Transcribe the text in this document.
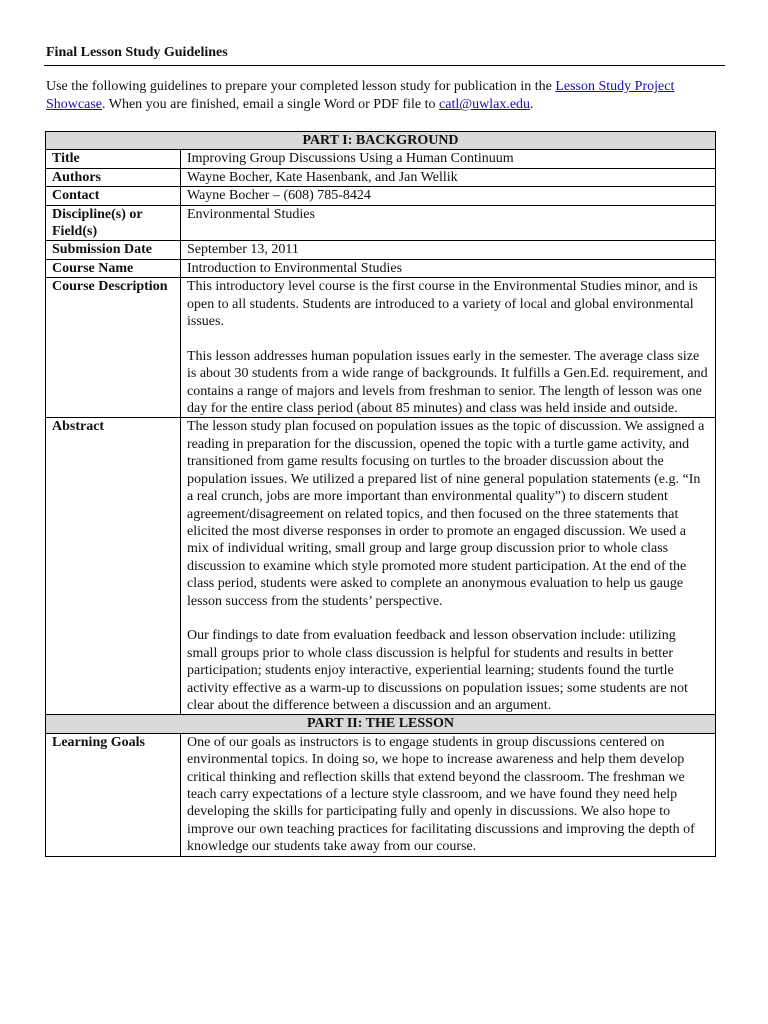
Final Lesson Study Guidelines
Use the following guidelines to prepare your completed lesson study for publication in the Lesson Study Project Showcase. When you are finished, email a single Word or PDF file to catl@uwlax.edu.
PART I: BACKGROUND	
Title	Improving Group Discussions Using a Human Continuum
Authors	Wayne Bocher, Kate Hasenbank, and Jan Wellik
Contact	Wayne Bocher – (608) 785-8424
Discipline(s) or Field(s)	Environmental Studies
Submission Date	September 13, 2011
Course Name	Introduction to Environmental Studies
Course Description	This introductory level course is the first course in the Environmental Studies minor, and is open to all students. Students are introduced to a variety of local and global environmental issues.

This lesson addresses human population issues early in the semester. The average class size is about 30 students from a wide range of backgrounds. It fulfills a Gen.Ed. requirement, and contains a range of majors and levels from freshman to senior. The length of lesson was one day for the entire class period (about 85 minutes) and class was held inside and outside.

Abstract	The lesson study plan focused on population issues as the topic of discussion. We assigned a reading in preparation for the discussion, opened the topic with a turtle game activity, and transitioned from game results focusing on turtles to the broader discussion about the population issues. We utilized a prepared list of nine general population statements (e.g. “In a real crunch, jobs are more important than environmental quality”) to discern student agreement/disagreement on related topics, and then focused on the three statements that elicited the most diverse responses in order to promote an engaged discussion. We used a mix of individual writing, small group and large group discussion prior to whole class discussion to examine which style promoted more student participation. At the end of the class period, students were asked to complete an anonymous evaluation to help us gauge lesson success from the students’ perspective.

Our findings to date from evaluation feedback and lesson observation include: utilizing small groups prior to whole class discussion is helpful for students and results in better participation; students enjoy interactive, experiential learning; students found the turtle activity effective as a warm-up to discussions on population issues; some students are not clear about the difference between a discussion and an argument.

PART II: THE LESSON	
Learning Goals	One of our goals as instructors is to engage students in group discussions centered on environmental topics. In doing so, we hope to increase awareness and help them develop critical thinking and reflection skills that extend beyond the classroom. The freshman we teach carry expectations of a lecture style classroom, and we have found they need help developing the skills for participating fully and openly in discussions. We also hope to improve our own teaching practices for facilitating discussions and improving the depth of knowledge our students take away from our course.
